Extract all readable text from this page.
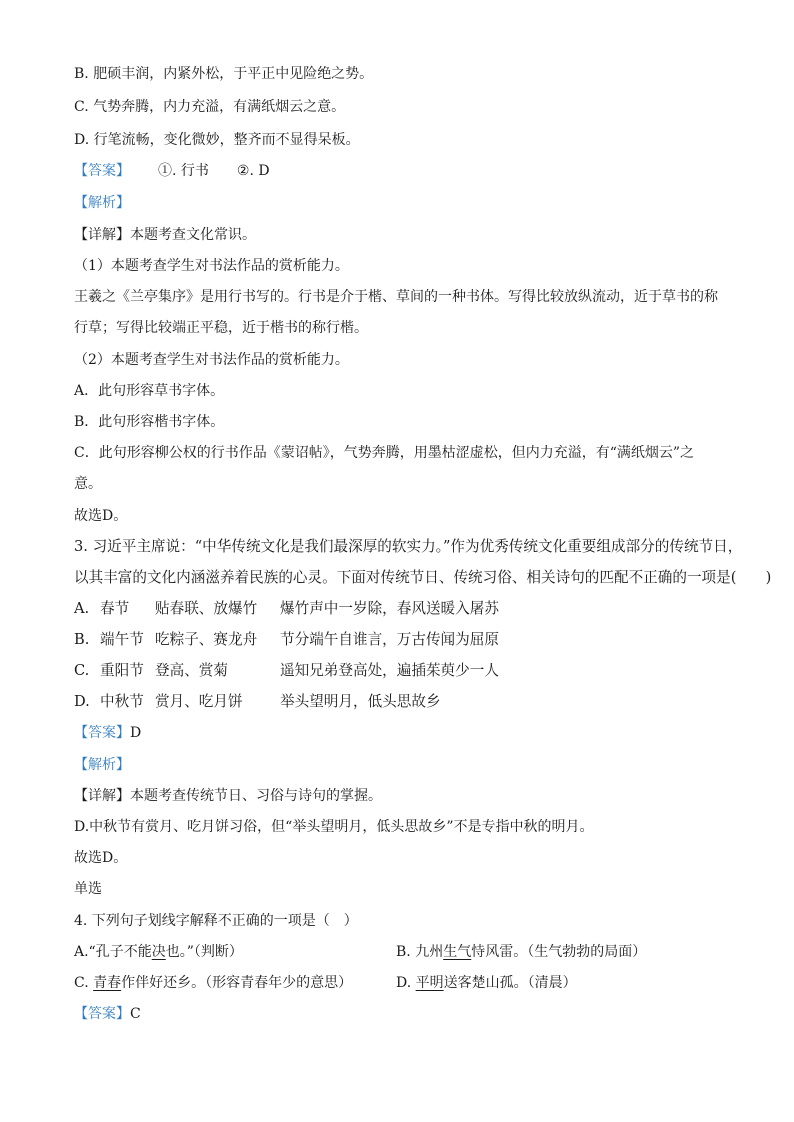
B. 肥硕丰润，内紧外松，于平正中见险绝之势。
C. 气势奔腾，内力充溢，有满纸烟云之意。
D. 行笔流畅，变化微妙，整齐而不显得呆板。
【答案】 ①. 行书 ②. D
【解析】
【详解】本题考查文化常识。
（1）本题考查学生对书法作品的赏析能力。
王羲之《兰亭集序》是用行书写的。行书是介于楷、草间的一种书体。写得比较放纵流动，近于草书的称
行草；写得比较端正平稳，近于楷书的称行楷。
（2）本题考查学生对书法作品的赏析能力。
A．此句形容草书字体。
B．此句形容楷书字体。
C．此句形容柳公权的行书作品《蒙诏帖》，气势奔腾，用墨枯涩虚松，但内力充溢，有“满纸烟云”之
意。
故选D。
3. 习近平主席说：“中华传统文化是我们最深厚的软实力。”作为优秀传统文化重要组成部分的传统节日，
以其丰富的文化内涵滋养着民族的心灵。下面对传统节日、传统习俗、相关诗句的匹配不正确的一项是(　　)
A. 春节 贴春联、放爆竹 爆竹声中一岁除，春风送暖入屠苏
B. 端午节 吃粽子、赛龙舟 节分端午自谁言，万古传闻为屈原
C. 重阳节 登高、赏菊	遥知兄弟登高处，遍插茱萸少一人
D. 中秋节 赏月、吃月饼	举头望明月，低头思故乡
【答案】D
【解析】
【详解】本题考查传统节日、习俗与诗句的掌握。
D.中秋节有赏月、吃月饼习俗，但“举头望明月，低头思故乡”不是专指中秋的明月。
故选D。
单选
4. 下列句子划线字解释不正确的一项是（　）
A.“孔子不能决也。”（判断）	B. 九州生气恃风雷。（生气勃勃的局面）
C. 青春作伴好还乡。（形容青春年少的意思）	D. 平明送客楚山孤。（清晨）
【答案】C
